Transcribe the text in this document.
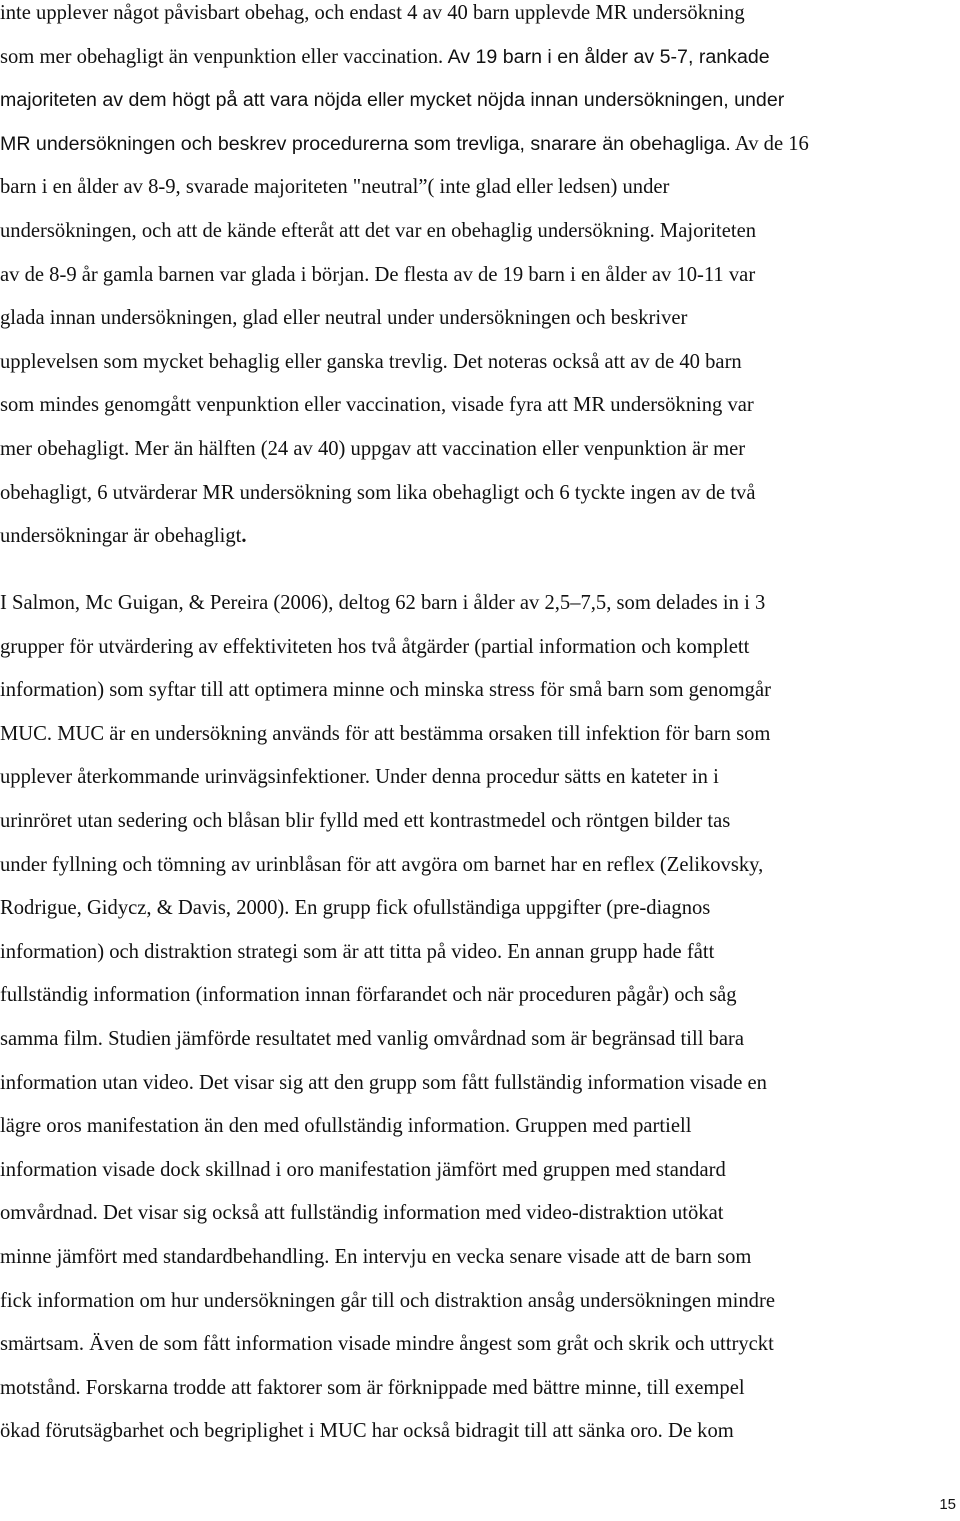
inte upplever något påvisbart obehag, och endast 4 av 40 barn upplevde MR undersökning
som mer obehagligt än venpunktion eller vaccination. Av 19 barn i en ålder av 5-7, rankade
majoriteten av dem högt på att vara nöjda eller mycket nöjda innan undersökningen, under
MR undersökningen och beskrev procedurerna som trevliga, snarare än obehagliga. Av de 16
barn i en ålder av 8-9, svarade majoriteten "neutral”( inte glad eller ledsen) under
undersökningen, och att de kände efteråt att det var en obehaglig undersökning. Majoriteten
av de 8-9 år gamla barnen var glada i början. De flesta av de 19 barn i en ålder av 10-11 var
glada innan undersökningen, glad eller neutral under undersökningen och beskriver
upplevelsen som mycket behaglig eller ganska trevlig. Det noteras också att av de 40 barn
som mindes genomgått venpunktion eller vaccination, visade fyra att MR undersökning var
mer obehagligt. Mer än hälften (24 av 40) uppgav att vaccination eller venpunktion är mer
obehagligt, 6 utvärderar MR undersökning som lika obehagligt och 6 tyckte ingen av de två
undersökningar är obehagligt.
I Salmon, Mc Guigan, & Pereira (2006), deltog 62 barn i ålder av 2,5–7,5, som delades in i 3
grupper för utvärdering av effektiviteten hos två åtgärder (partial information och komplett
information) som syftar till att optimera minne och minska stress för små barn som genomgår
MUC. MUC är en undersökning används för att bestämma orsaken till infektion för barn som
upplever återkommande urinvägsinfektioner. Under denna procedur sätts en kateter in i
urinröret utan sedering och blåsan blir fylld med ett kontrastmedel och röntgen bilder tas
under fyllning och tömning av urinblåsan för att avgöra om barnet har en reflex (Zelikovsky,
Rodrigue, Gidycz, & Davis, 2000). En grupp fick ofullständiga uppgifter (pre-diagnos
information) och distraktion strategi som är att titta på video. En annan grupp hade fått
fullständig information (information innan förfarandet och när proceduren pågår) och såg
samma film. Studien jämförde resultatet med vanlig omvårdnad som är begränsad till bara
information utan video. Det visar sig att den grupp som fått fullständig information visade en
lägre oros manifestation än den med ofullständig information. Gruppen med partiell
information visade dock skillnad i oro manifestation jämfört med gruppen med standard
omvårdnad. Det visar sig också att fullständig information med video-distraktion utökat
minne jämfört med standardbehandling. En intervju en vecka senare visade att de barn som
fick information om hur undersökningen går till och distraktion ansåg undersökningen mindre
smärtsam. Även de som fått information visade mindre ångest som gråt och skrik och uttryckt
motstånd. Forskarna trodde att faktorer som är förknippade med bättre minne, till exempel
ökad förutsägbarhet och begriplighet i MUC har också bidragit till att sänka oro. De kom
15
